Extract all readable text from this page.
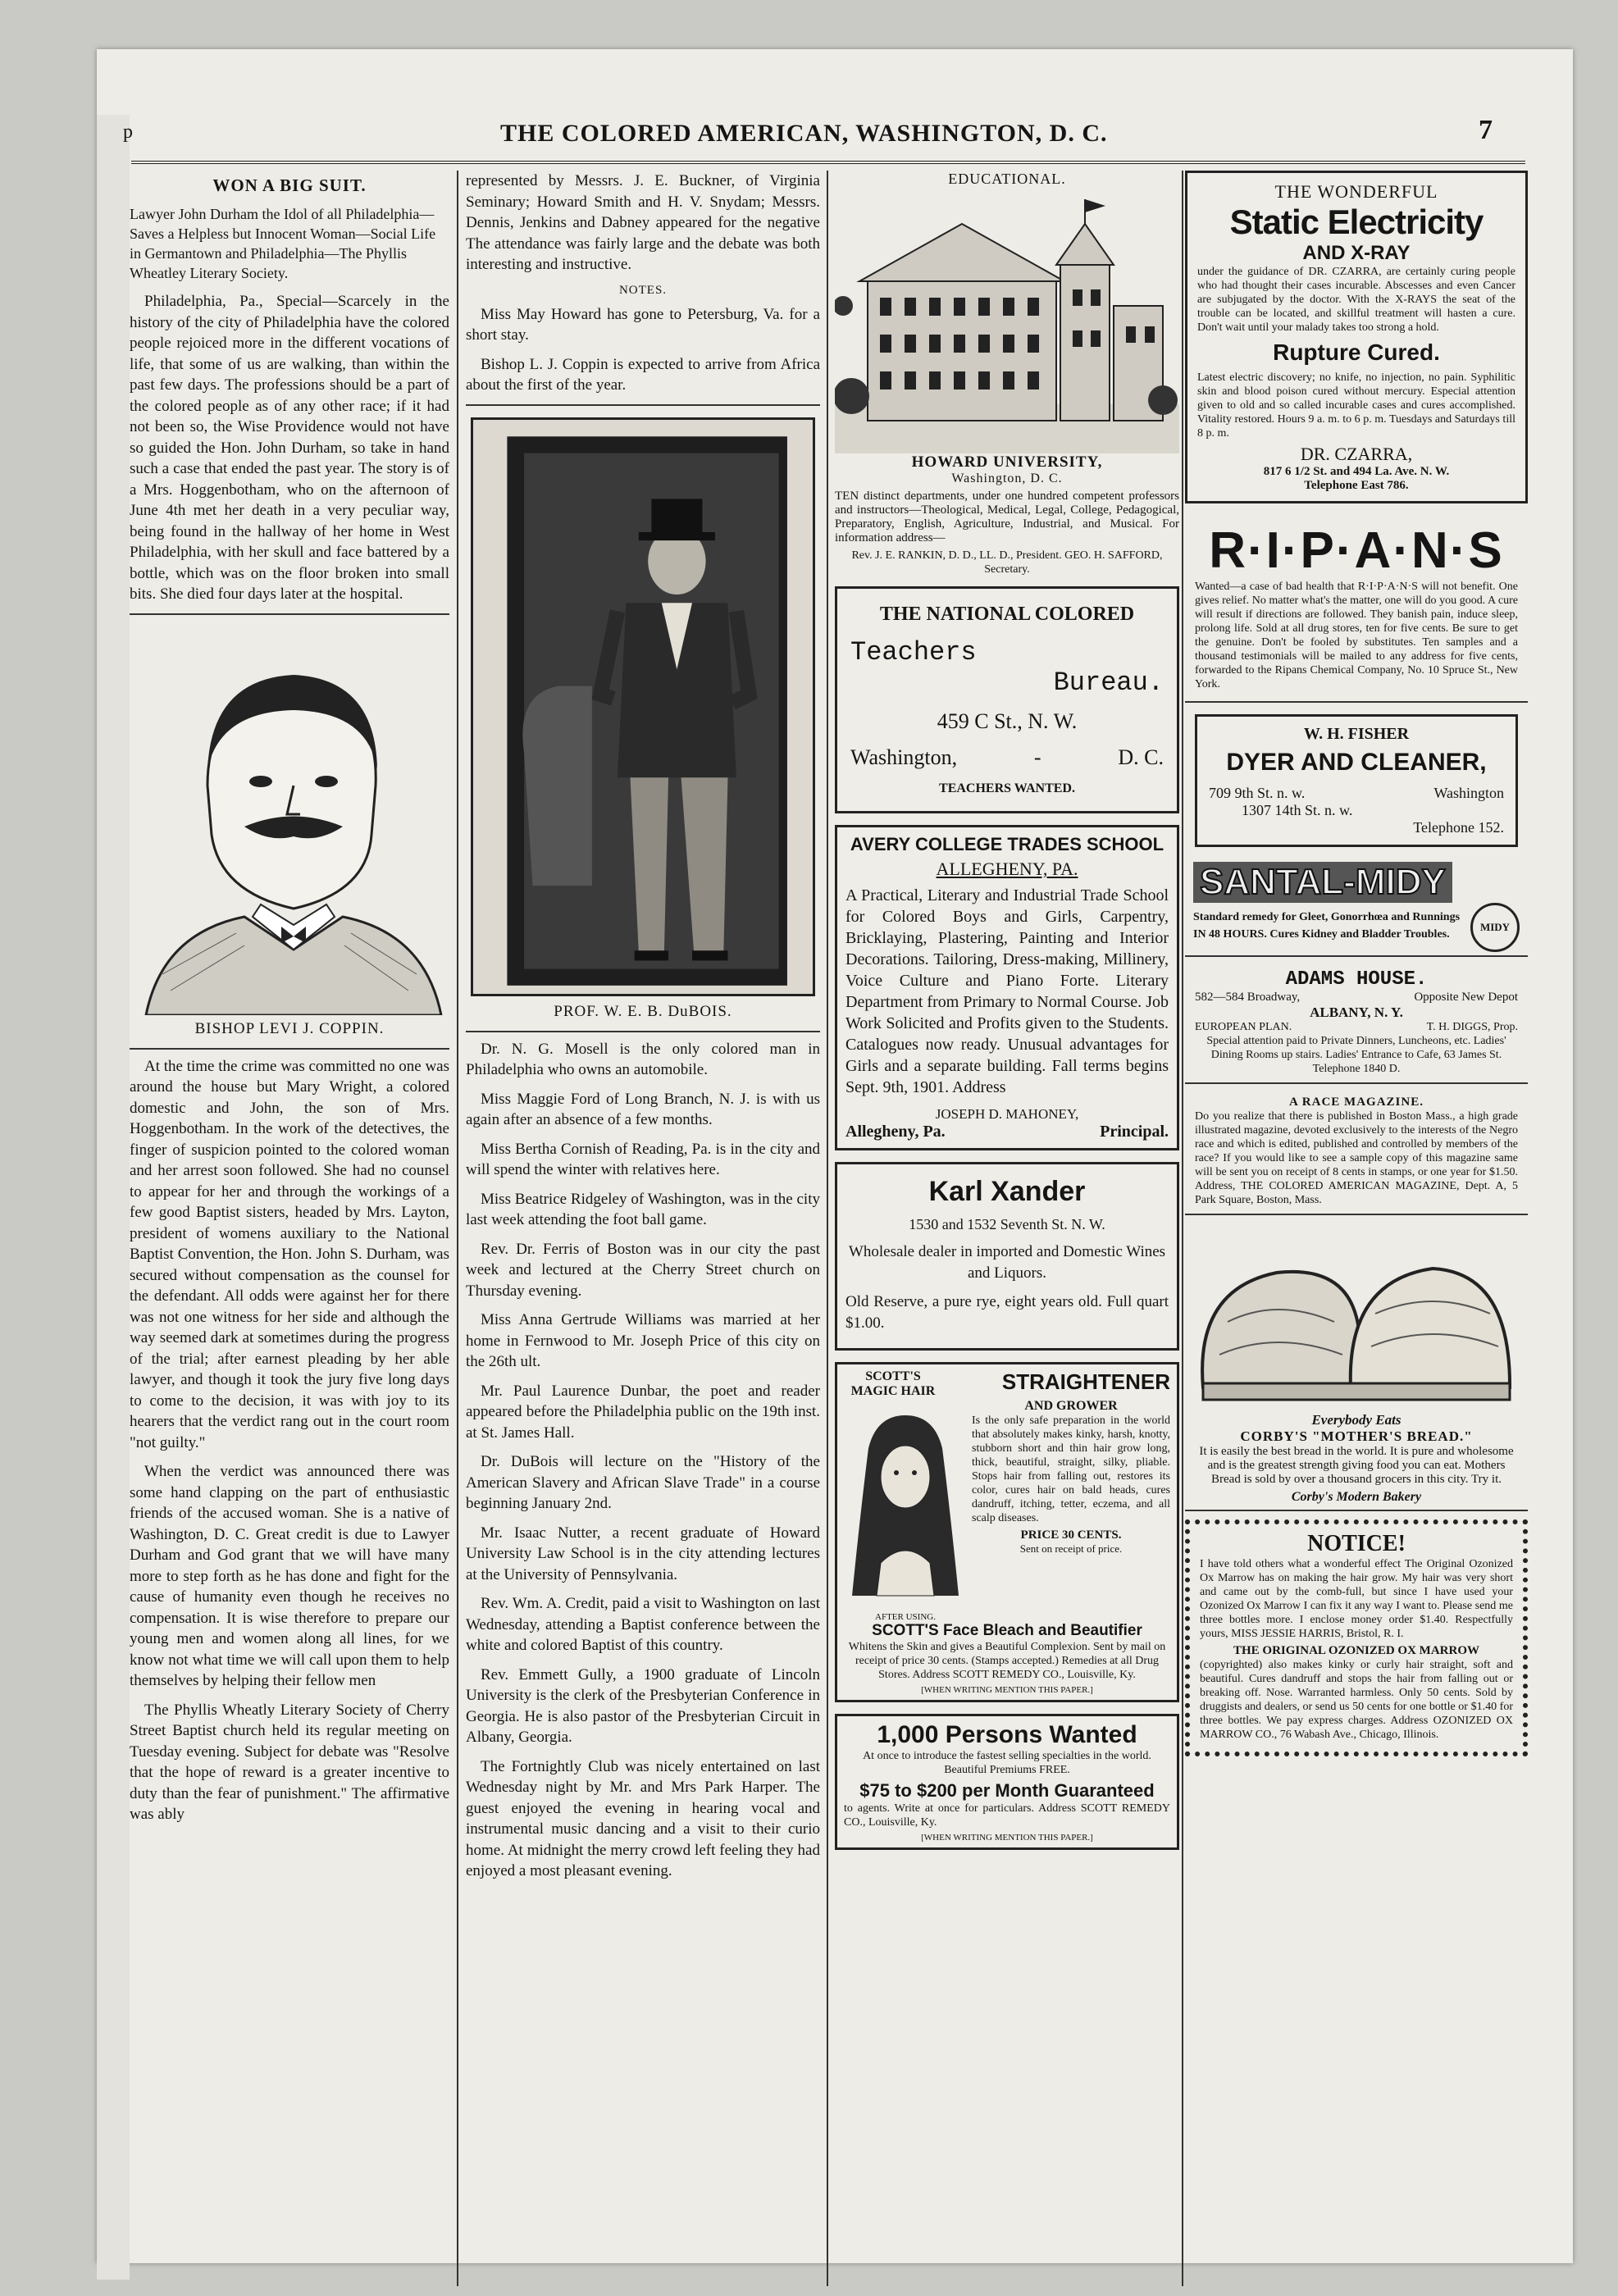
p	THE COLORED AMERICAN, WASHINGTON, D. C.	7
WON A BIG SUIT.

Lawyer John Durham the Idol of all Philadelphia—Saves a Helpless but Innocent Woman—Social Life in Germantown and Philadelphia—The Phyllis Wheatley Literary Society.

Philadelphia, Pa., Special—Scarcely in the history of the city of Philadelphia have the colored people rejoiced more in the different vocations of life, that some of us are walking, than within the past few days. The professions should be a part of the colored people as of any other race; if it had not been so, the Wise Providence would not have so guided the Hon. John Durham, so take in hand such a case that ended the past year. The story is of a Mrs. Hoggenbotham, who on the afternoon of June 4th met her death in a very peculiar way, being found in the hallway of her home in West Philadelphia, with her skull and face battered by a bottle, which was on the floor broken into small bits. She died four days later at the hospital.

BISHOP LEVI J. COPPIN.

At the time the crime was committed no one was around the house but Mary Wright, a colored domestic and John, the son of Mrs. Hoggenbotham. In the work of the detectives, the finger of suspicion pointed to the colored woman and her arrest soon followed. She had no counsel to appear for her and through the workings of a few good Baptist sisters, headed by Mrs. Layton, president of womens auxiliary to the National Baptist Convention, the Hon. John S. Durham, was secured without compensation as the counsel for the defendant. All odds were against her for there was not one witness for her side and although the way seemed dark at sometimes during the progress of the trial; after earnest pleading by her able lawyer, and though it took the jury five long days to come to the decision, it was with joy to its hearers that the verdict rang out in the court room "not guilty."

When the verdict was announced there was some hand clapping on the part of enthusiastic friends of the accused woman. She is a native of Washington, D. C. Great credit is due to Lawyer Durham and God grant that we will have many more to step forth as he has done and fight for the cause of humanity even though he receives no compensation. It is wise therefore to prepare our young men and women along all lines, for we know not what time we will call upon them to help themselves by helping their fellow men

The Phyllis Wheatly Literary Society of Cherry Street Baptist church held its regular meeting on Tuesday evening. Subject for debate was "Resolve that the hope of reward is a greater incentive to duty than the fear of punishment." The affirmative was ably

represented by Messrs. J. E. Buckner, of Virginia Seminary; Howard Smith and H. V. Snydam; Messrs. Dennis, Jenkins and Dabney appeared for the negative The attendance was fairly large and the debate was both interesting and instructive.

NOTES.

Miss May Howard has gone to Petersburg, Va. for a short stay.

Bishop L. J. Coppin is expected to arrive from Africa about the first of the year.

PROF. W. E. B. DuBOIS.

Dr. N. G. Mosell is the only colored man in Philadelphia who owns an automobile.

Miss Maggie Ford of Long Branch, N. J. is with us again after an absence of a few months.

Miss Bertha Cornish of Reading, Pa. is in the city and will spend the winter with relatives here.

Miss Beatrice Ridgeley of Washington, was in the city last week attending the foot ball game.

Rev. Dr. Ferris of Boston was in our city the past week and lectured at the Cherry Street church on Thursday evening.

Miss Anna Gertrude Williams was married at her home in Fernwood to Mr. Joseph Price of this city on the 26th ult.

Mr. Paul Laurence Dunbar, the poet and reader appeared before the Philadelphia public on the 19th inst. at St. James Hall.

Dr. DuBois will lecture on the "History of the American Slavery and African Slave Trade" in a course beginning January 2nd.

Mr. Isaac Nutter, a recent graduate of Howard University Law School is in the city attending lectures at the University of Pennsylvania.

Rev. Wm. A. Credit, paid a visit to Washington on last Wednesday, attending a Baptist conference between the white and colored Baptist of this country.

Rev. Emmett Gully, a 1900 graduate of Lincoln University is the clerk of the Presbyterian Conference in Georgia. He is also pastor of the Presbyterian Circuit in Albany, Georgia.

The Fortnightly Club was nicely entertained on last Wednesday night by Mr. and Mrs Park Harper. The guest enjoyed the evening in hearing vocal and instrumental music dancing and a visit to their curio home. At midnight the merry crowd left feeling they had enjoyed a most pleasant evening.

EDUCATIONAL.
HOWARD UNIVERSITY,
Washington, D. C.

TEN distinct departments, under one hundred competent professors and instructors—Theological, Medical, Legal, College, Pedagogical, Preparatory, English, Agriculture, Industrial, and Musical. For information address—

Rev. J. E. RANKIN, D. D., LL. D., President. GEO. H. SAFFORD, Secretary.

THE NATIONAL COLORED
Teachers
Bureau.
459 C St., N. W.
Washington,	-	D. C.
TEACHERS WANTED.
AVERY COLLEGE TRADES SCHOOL
ALLEGHENY, PA.

A Practical, Literary and Industrial Trade School for Colored Boys and Girls, Carpentry, Bricklaying, Plastering, Painting and Interior Decorations. Tailoring, Dress-making, Millinery, Voice Culture and Piano Forte. Literary Department from Primary to Normal Course. Job Work Solicited and Profits given to the Students. Catalogues now ready. Unusual advantages for Girls and a separate building. Fall terms begins Sept. 9th, 1901. Address

JOSEPH D. MAHONEY,
Allegheny, Pa.	Principal.
Karl Xander
1530 and 1532 Seventh St. N. W.

Wholesale dealer in imported and Domestic Wines and Liquors.

Old Reserve, a pure rye, eight years old. Full quart $1.00.

SCOTT'S MAGIC HAIR	STRAIGHTENER
AFTER USING.
AND GROWER

Is the only safe preparation in the world that absolutely makes kinky, harsh, knotty, stubborn short and thin hair grow long, thick, beautiful, straight, silky, pliable. Stops hair from falling out, restores its color, cures hair on bald heads, cures dandruff, itching, tetter, eczema, and all scalp diseases.

PRICE 30 CENTS.
Sent on receipt of price.
SCOTT'S Face Bleach and Beautifier

Whitens the Skin and gives a Beautiful Complexion. Sent by mail on receipt of price 30 cents. (Stamps accepted.) Remedies at all Drug Stores. Address SCOTT REMEDY CO., Louisville, Ky.

[WHEN WRITING MENTION THIS PAPER.]
1,000 Persons Wanted

At once to introduce the fastest selling specialties in the world. Beautiful Premiums FREE.

$75 to $200 per Month Guaranteed

to agents. Write at once for particulars. Address SCOTT REMEDY CO., Louisville, Ky.

[WHEN WRITING MENTION THIS PAPER.]
THE WONDERFUL
Static Electricity
AND X-RAY

under the guidance of DR. CZARRA, are certainly curing people who had thought their cases incurable. Abscesses and even Cancer are subjugated by the doctor. With the X-RAYS the seat of the trouble can be located, and skillful treatment will hasten a cure. Don't wait until your malady takes too strong a hold.

Rupture Cured.

Latest electric discovery; no knife, no injection, no pain. Syphilitic skin and blood poison cured without mercury. Especial attention given to old and so called incurable cases and cures accomplished. Vitality restored. Hours 9 a. m. to 6 p. m. Tuesdays and Saturdays till 8 p. m.

DR. CZARRA,
817 6 1/2 St. and 494 La. Ave. N. W.
Telephone East 786.
R·I·P·A·N·S

Wanted—a case of bad health that R·I·P·A·N·S will not benefit. One gives relief. No matter what's the matter, one will do you good. A cure will result if directions are followed. They banish pain, induce sleep, prolong life. Sold at all drug stores, ten for five cents. Be sure to get the genuine. Don't be fooled by substitutes. Ten samples and a thousand testimonials will be mailed to any address for five cents, forwarded to the Ripans Chemical Company, No. 10 Spruce St., New York.

W. H. FISHER
DYER AND CLEANER,
709 9th St. n. w.	Washington
1307 14th St. n. w.
Telephone 152.
SANTAL-MIDY

Standard remedy for Gleet, Gonorrhœa and Runnings

IN 48 HOURS. Cures Kidney and Bladder Troubles.

MIDY
ADAMS HOUSE.
582—584 Broadway,	Opposite New Depot
ALBANY, N. Y.
EUROPEAN PLAN.	T. H. DIGGS, Prop.

Special attention paid to Private Dinners, Luncheons, etc. Ladies' Dining Rooms up stairs. Ladies' Entrance to Cafe, 63 James St. Telephone 1840 D.

A RACE MAGAZINE.

Do you realize that there is published in Boston Mass., a high grade illustrated magazine, devoted exclusively to the interests of the Negro race and which is edited, published and controlled by members of the race? If you would like to see a sample copy of this magazine same will be sent you on receipt of 8 cents in stamps, or one year for $1.50. Address, THE COLORED AMERICAN MAGAZINE, Dept. A, 5 Park Square, Boston, Mass.

Everybody Eats
CORBY'S "MOTHER'S BREAD."

It is easily the best bread in the world. It is pure and wholesome and is the greatest strength giving food you can eat. Mothers Bread is sold by over a thousand grocers in this city. Try it.

Corby's Modern Bakery
NOTICE!

I have told others what a wonderful effect The Original Ozonized Ox Marrow has on making the hair grow. My hair was very short and came out by the comb-full, but since I have used your Ozonized Ox Marrow I can fix it any way I want to. Please send me three bottles more. I enclose money order $1.40. Respectfully yours, MISS JESSIE HARRIS, Bristol, R. I.

THE ORIGINAL OZONIZED OX MARROW

(copyrighted) also makes kinky or curly hair straight, soft and beautiful. Cures dandruff and stops the hair from falling out or breaking off. Nose. Warranted harmless. Only 50 cents. Sold by druggists and dealers, or send us 50 cents for one bottle or $1.40 for three bottles. We pay express charges. Address OZONIZED OX MARROW CO., 76 Wabash Ave., Chicago, Illinois.
